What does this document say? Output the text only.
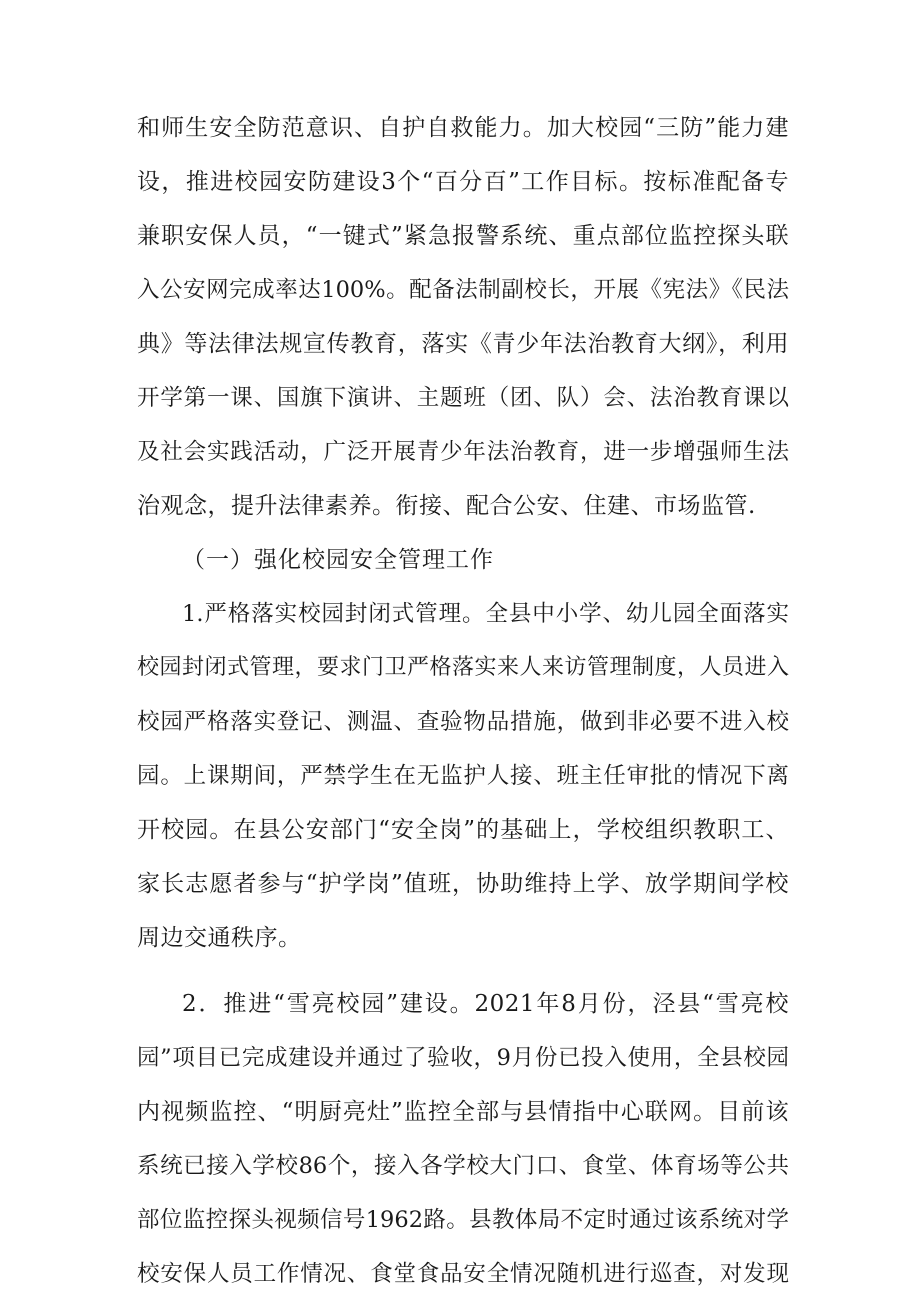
和师生安全防范意识、自护自救能力。加大校园“三防”能力建
设，推进校园安防建设3个“百分百”工作目标。按标准配备专
兼职安保人员，“一键式”紧急报警系统、重点部位监控探头联
入公安网完成率达100%。配备法制副校长，开展《宪法》《民法
典》等法律法规宣传教育，落实《青少年法治教育大纲》，利用
开学第一课、国旗下演讲、主题班（团、队）会、法治教育课以
及社会实践活动，广泛开展青少年法治教育，进一步增强师生法
治观念，提升法律素养。衔接、配合公安、住建、市场监管.
（一）强化校园安全管理工作
1.严格落实校园封闭式管理。全县中小学、幼儿园全面落实
校园封闭式管理，要求门卫严格落实来人来访管理制度，人员进入
校园严格落实登记、测温、查验物品措施，做到非必要不进入校
园。上课期间，严禁学生在无监护人接、班主任审批的情况下离
开校园。在县公安部门“安全岗”的基础上，学校组织教职工、
家长志愿者参与“护学岗”值班，协助维持上学、放学期间学校
周边交通秩序。
2．推进“雪亮校园”建设。2021年8月份，泾县“雪亮校
园”项目已完成建设并通过了验收，9月份已投入使用，全县校园
内视频监控、“明厨亮灶”监控全部与县情指中心联网。目前该
系统已接入学校86个，接入各学校大门口、食堂、体育场等公共
部位监控探头视频信号1962路。县教体局不定时通过该系统对学
校安保人员工作情况、食堂食品安全情况随机进行巡查，对发现
